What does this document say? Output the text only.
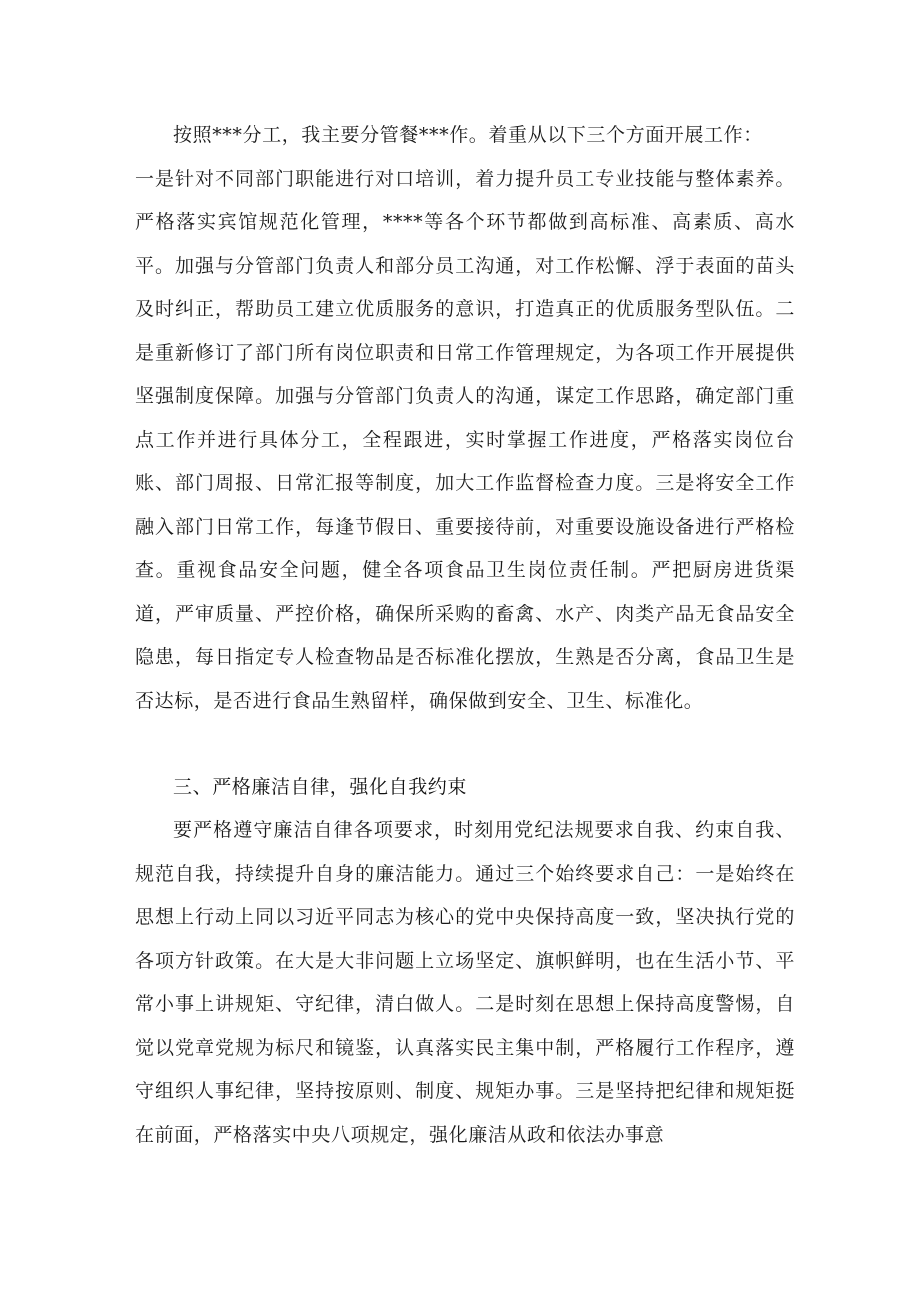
按照***分工，我主要分管餐***作。着重从以下三个方面开展工作：

一是针对不同部门职能进行对口培训，着力提升员工专业技能与整体素养。严格落实宾馆规范化管理，****等各个环节都做到高标准、高素质、高水平。加强与分管部门负责人和部分员工沟通，对工作松懈、浮于表面的苗头及时纠正，帮助员工建立优质服务的意识，打造真正的优质服务型队伍。二是重新修订了部门所有岗位职责和日常工作管理规定，为各项工作开展提供坚强制度保障。加强与分管部门负责人的沟通，谋定工作思路，确定部门重点工作并进行具体分工，全程跟进，实时掌握工作进度，严格落实岗位台账、部门周报、日常汇报等制度，加大工作监督检查力度。三是将安全工作融入部门日常工作，每逢节假日、重要接待前，对重要设施设备进行严格检查。重视食品安全问题，健全各项食品卫生岗位责任制。严把厨房进货渠道，严审质量、严控价格，确保所采购的畜禽、水产、肉类产品无食品安全隐患，每日指定专人检查物品是否标准化摆放，生熟是否分离，食品卫生是否达标，是否进行食品生熟留样，确保做到安全、卫生、标准化。

三、严格廉洁自律，强化自我约束

要严格遵守廉洁自律各项要求，时刻用党纪法规要求自我、约束自我、规范自我，持续提升自身的廉洁能力。通过三个始终要求自己：一是始终在思想上行动上同以习近平同志为核心的党中央保持高度一致，坚决执行党的各项方针政策。在大是大非问题上立场坚定、旗帜鲜明，也在生活小节、平常小事上讲规矩、守纪律，清白做人。二是时刻在思想上保持高度警惕，自觉以党章党规为标尺和镜鉴，认真落实民主集中制，严格履行工作程序，遵守组织人事纪律，坚持按原则、制度、规矩办事。三是坚持把纪律和规矩挺在前面，严格落实中央八项规定，强化廉洁从政和依法办事意
